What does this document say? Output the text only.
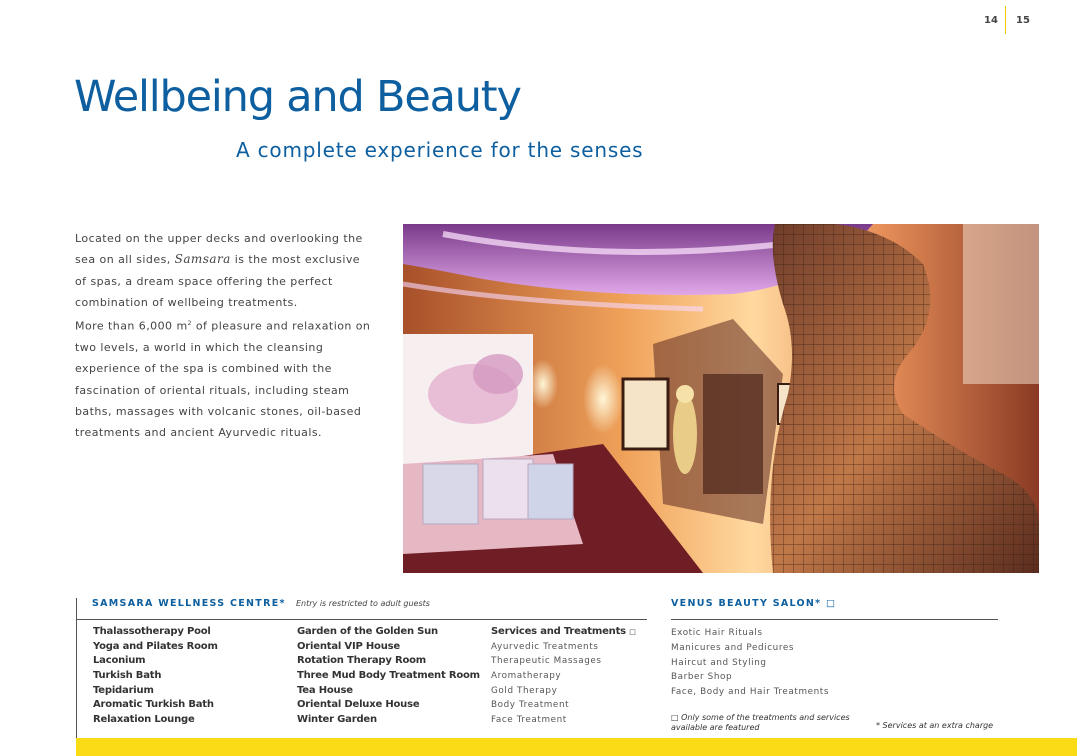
14 15
Wellbeing and Beauty
A complete experience for the senses

Located on the upper decks and overlooking the sea on all sides, Samsara is the most exclusive of spas, a dream space offering the perfect combination of wellbeing treatments.

More than 6,000 $m^2$ of pleasure and relaxation on two levels, a world in which the cleansing experience of the spa is combined with the fascination of oriental rituals, including steam baths, massages with volcanic stones, oil-based treatments and ancient Ayurvedic rituals.

SAMSARA WELLNESS CENTRE* Entry is restricted to adult guests
Thalassotherapy Pool
Yoga and Pilates Room
Laconium
Turkish Bath
Tepidarium
Aromatic Turkish Bath
Relaxation Lounge
Garden of the Golden Sun
Oriental VIP House
Rotation Therapy Room
Three Mud Body Treatment Room
Tea House
Oriental Deluxe House
Winter Garden
Services and Treatments □
Ayurvedic Treatments
Therapeutic Massages
Aromatherapy
Gold Therapy
Body Treatment
Face Treatment
VENUS BEAUTY SALON* □
Exotic Hair Rituals
Manicures and Pedicures
Haircut and Styling
Barber Shop
Face, Body and Hair Treatments
□ Only some of the treatments and services available are featured	* Services at an extra charge
